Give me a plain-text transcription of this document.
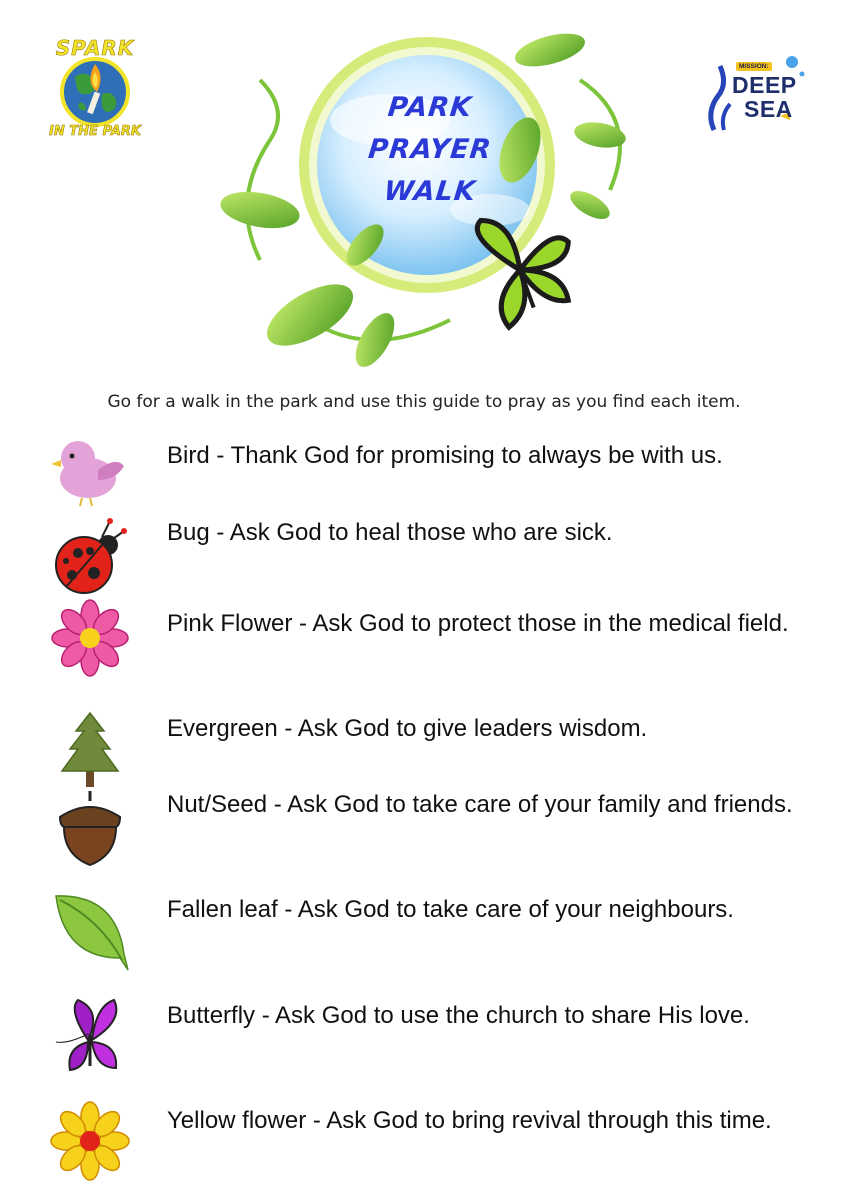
SPARK
IN THE PARK
MISSION:
DEEP
SEA
PARK
PRAYER
WALK
Go for a walk in the park and use this guide to pray as you find each item.
Bird - Thank God for promising to always be with us.
Bug - Ask God to heal those who are sick.
Pink Flower - Ask God to protect those in the medical field.
Evergreen - Ask God to give leaders wisdom.
Nut/Seed - Ask God to take care of your family and friends.
Fallen leaf - Ask God to take care of your neighbours.
Butterfly - Ask God to use the church to share His love.
Yellow flower - Ask God to bring revival through this time.
